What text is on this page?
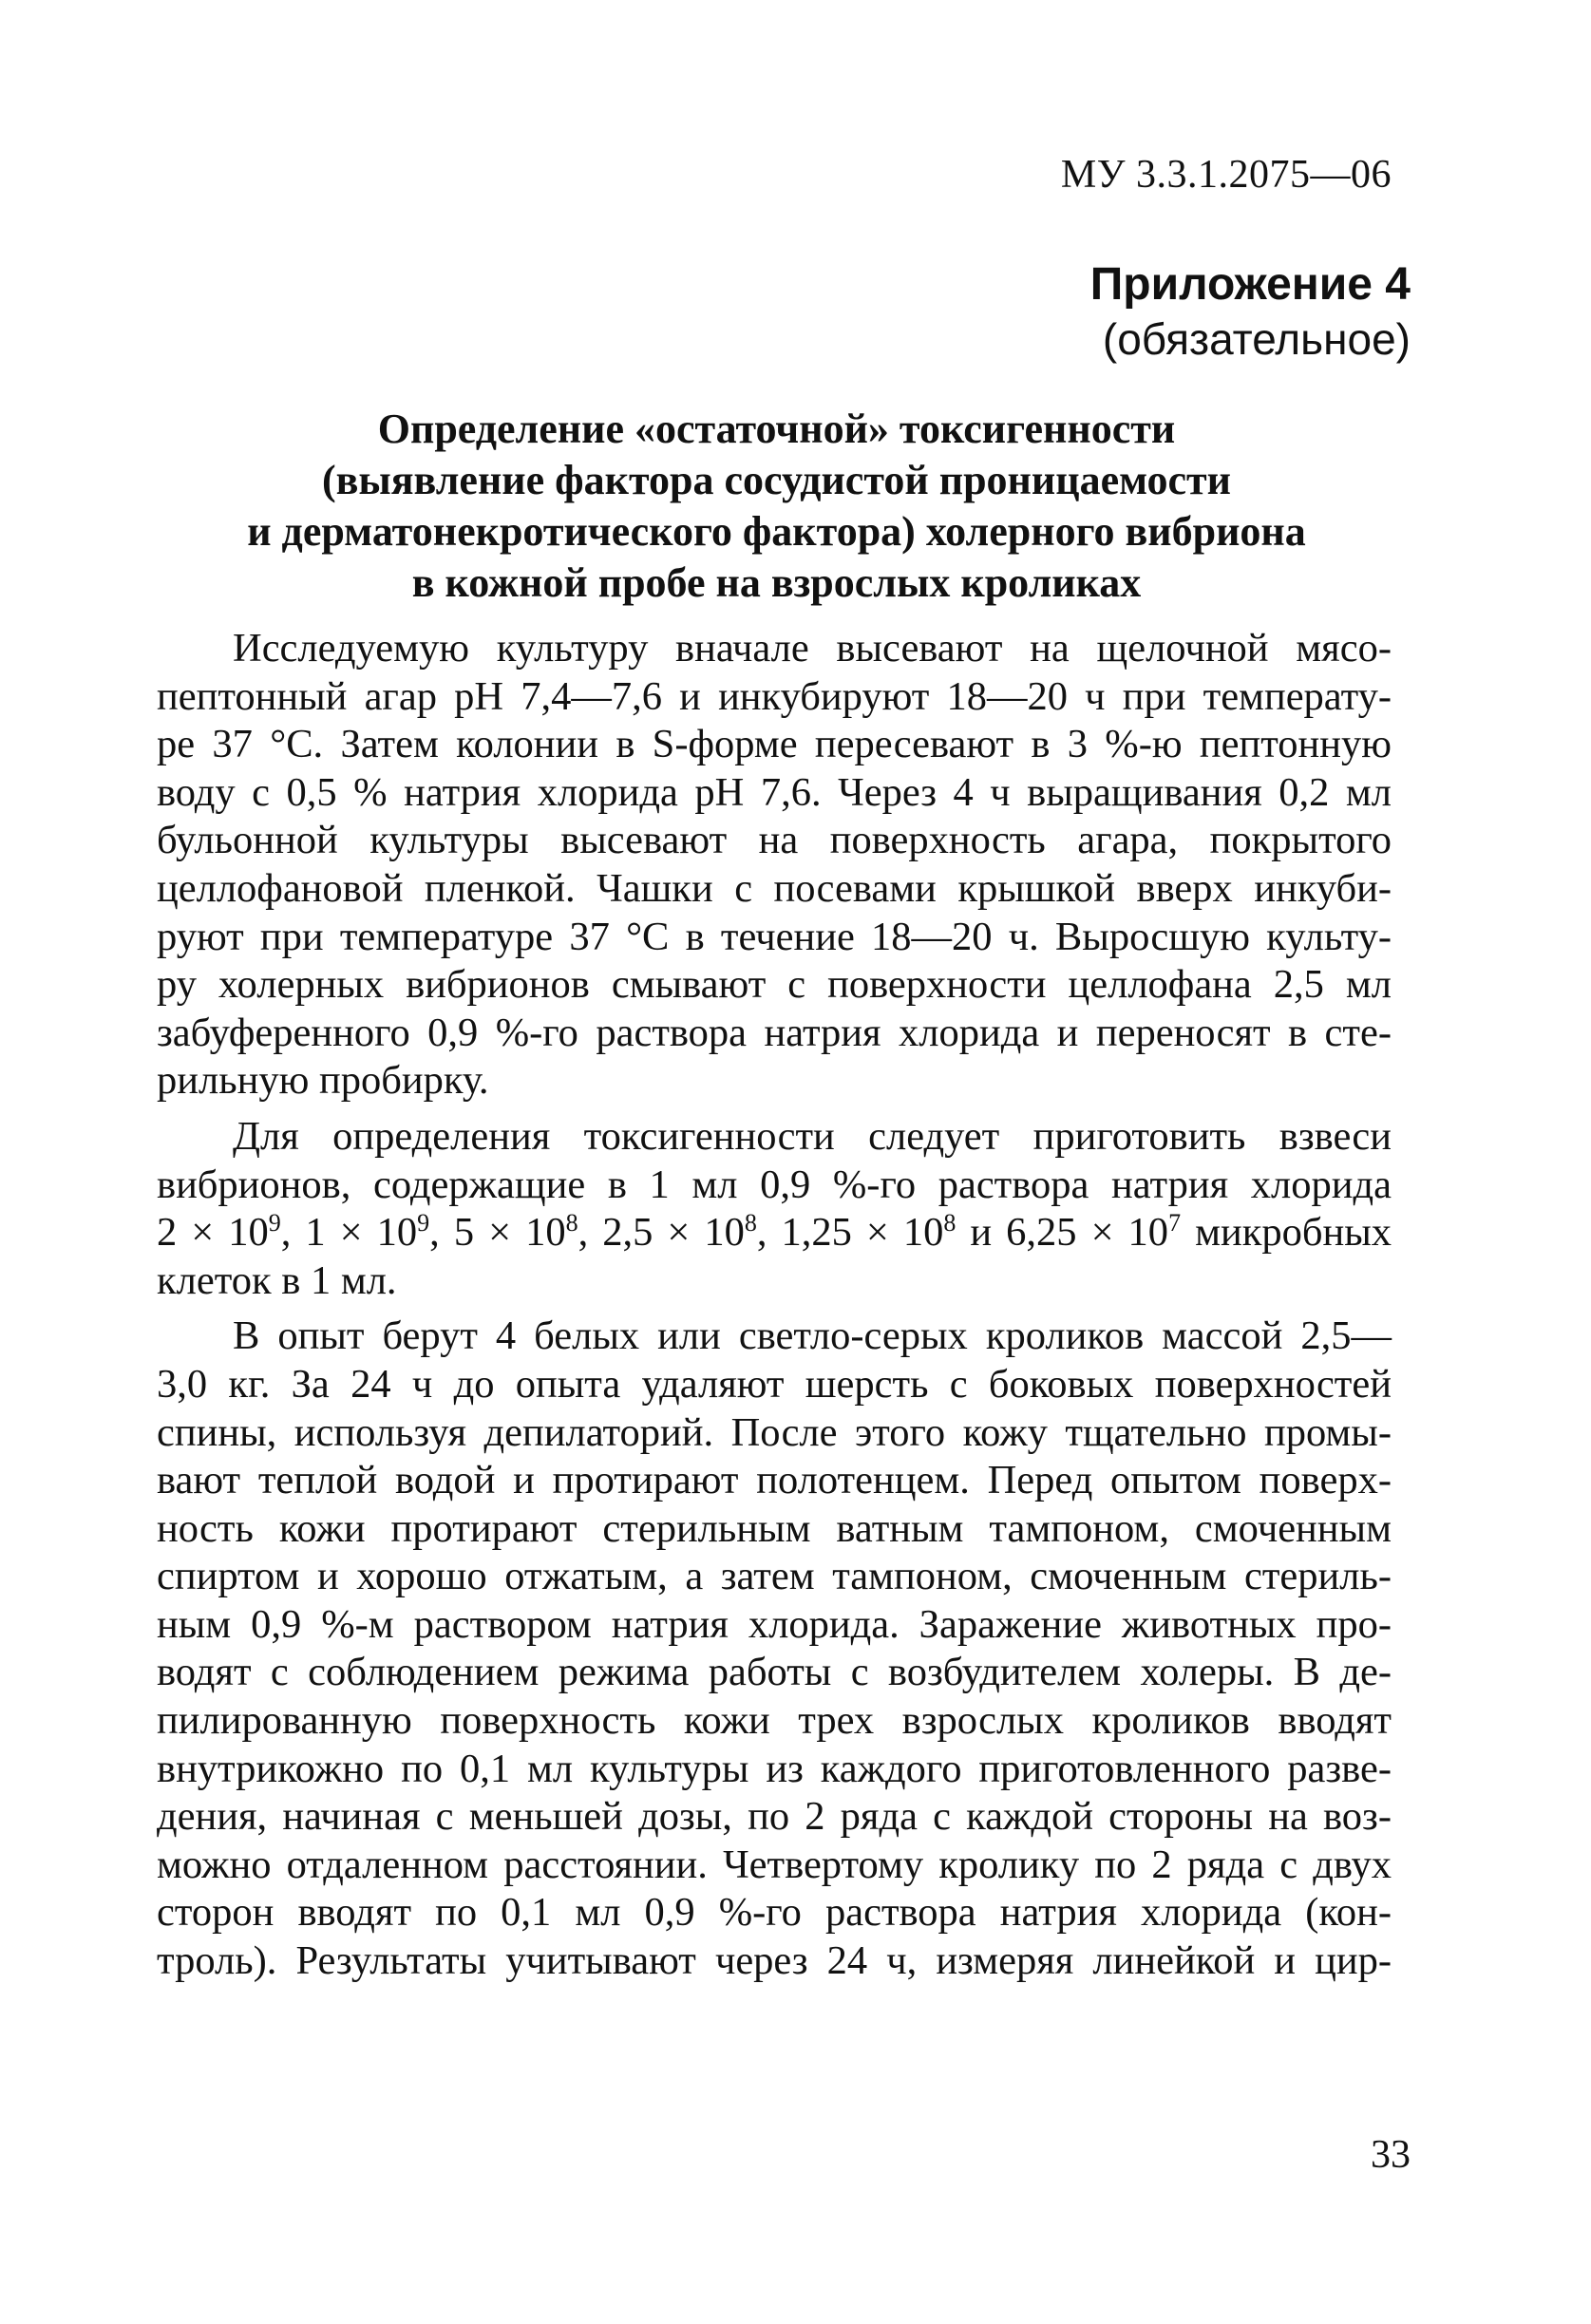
МУ 3.3.1.2075—06
Приложение 4
(обязательное)
Определение «остаточной» токсигенности
(выявление фактора сосудистой проницаемости
и дерматонекротического фактора) холерного вибриона
в кожной пробе на взрослых кроликах
Исследуемую культуру вначале высевают на щелочной мясо-
пептонный агар pH 7,4—7,6 и инкубируют 18—20 ч при температу-
ре 37 °С. Затем колонии в S-форме пересевают в 3 %-ю пептонную
воду с 0,5 % натрия хлорида pH 7,6. Через 4 ч выращивания 0,2 мл
бульонной культуры высевают на поверхность агара, покрытого
целлофановой пленкой. Чашки с посевами крышкой вверх инкуби-
руют при температуре 37 °С в течение 18—20 ч. Выросшую культу-
ру холерных вибрионов смывают с поверхности целлофана 2,5 мл
забуференного 0,9 %-го раствора натрия хлорида и переносят в сте-
рильную пробирку.
Для определения токсигенности следует приготовить взвеси
вибрионов, содержащие в 1 мл 0,9 %-го раствора натрия хлорида
$2 \times 10^9$, $1 \times 10^9$, $5 \times 10^8$, $2,5 \times 10^8$, $1,25 \times 10^8$ и $6,25 \times 10^7$ микробных
клеток в 1 мл.
В опыт берут 4 белых или светло-серых кроликов массой 2,5—
3,0 кг. За 24 ч до опыта удаляют шерсть с боковых поверхностей
спины, используя депилаторий. После этого кожу тщательно промы-
вают теплой водой и протирают полотенцем. Перед опытом поверх-
ность кожи протирают стерильным ватным тампоном, смоченным
спиртом и хорошо отжатым, а затем тампоном, смоченным стериль-
ным 0,9 %-м раствором натрия хлорида. Заражение животных про-
водят с соблюдением режима работы с возбудителем холеры. В де-
пилированную поверхность кожи трех взрослых кроликов вводят
внутрикожно по 0,1 мл культуры из каждого приготовленного разве-
дения, начиная с меньшей дозы, по 2 ряда с каждой стороны на воз-
можно отдаленном расстоянии. Четвертому кролику по 2 ряда с двух
сторон вводят по 0,1 мл 0,9 %-го раствора натрия хлорида (кон-
троль). Результаты учитывают через 24 ч, измеряя линейкой и цир-
33
